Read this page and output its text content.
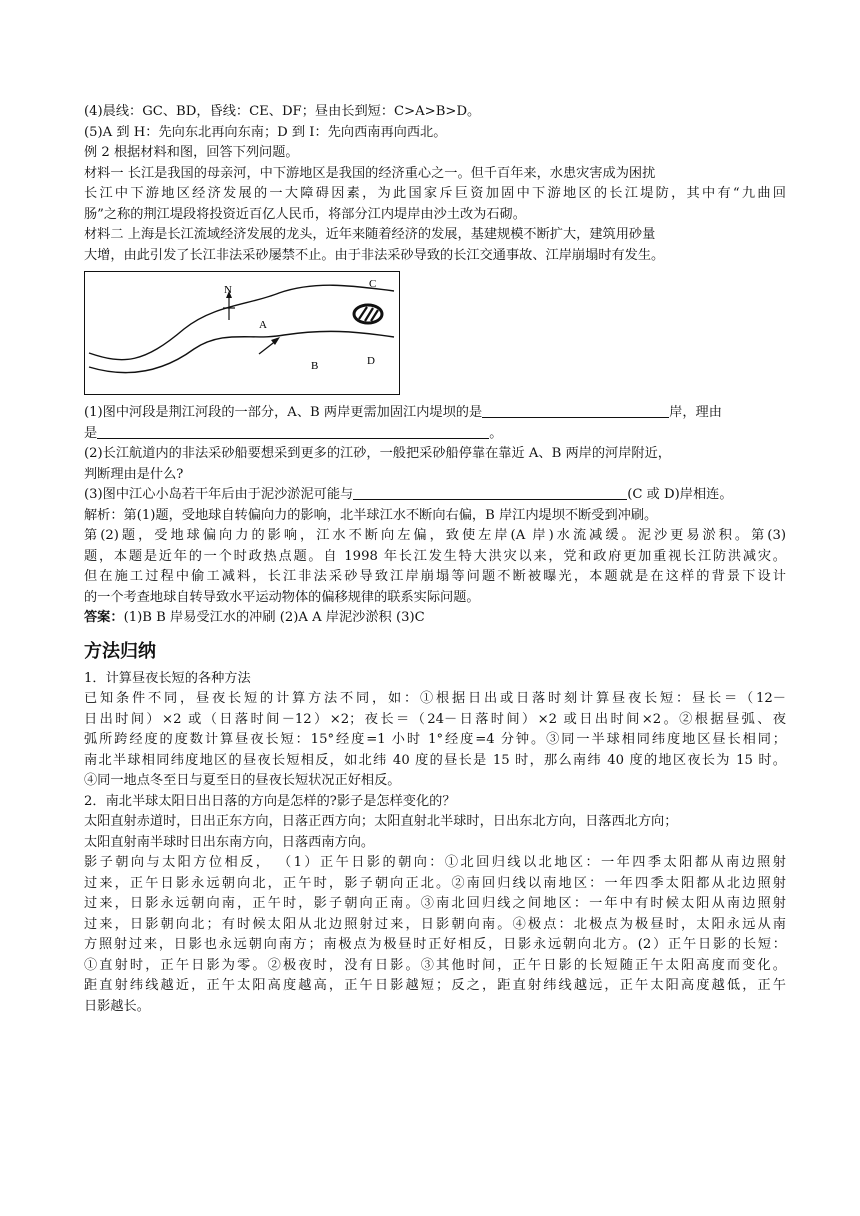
(4)晨线：GC、BD，昏线：CE、DF；昼由长到短：C>A>B>D。
(5)A 到 H：先向东北再向东南；D 到 I：先向西南再向西北。
例 2 根据材料和图，回答下列问题。
材料一 长江是我国的母亲河，中下游地区是我国的经济重心之一。但千百年来，水患灾害成为困扰
长江中下游地区经济发展的一大障碍因素，为此国家斥巨资加固中下游地区的长江堤防，其中有“九曲回
肠”之称的荆江堤段将投资近百亿人民币，将部分江内堤岸由沙土改为石砌。
材料二 上海是长江流域经济发展的龙头，近年来随着经济的发展，基建规模不断扩大，建筑用砂量
大增，由此引发了长江非法采砂屡禁不止。由于非法采砂导致的长江交通事故、江岸崩塌时有发生。
N	C
A
B	D
(1)图中河段是荆江河段的一部分，A、B 两岸更需加固江内堤坝的是	岸，理由
是	。
(2)长江航道内的非法采砂船要想采到更多的江砂，一般把采砂船停靠在靠近 A、B 两岸的河岸附近，
判断理由是什么?
(3)图中江心小岛若干年后由于泥沙淤泥可能与	(C 或 D)岸相连。
解析：第(1)题，受地球自转偏向力的影响，北半球江水不断向右偏，B 岸江内堤坝不断受到冲刷。
第(2)题，受地球偏向力的影响，江水不断向左偏，致使左岸(A 岸)水流减缓。泥沙更易淤积。第(3)
题，本题是近年的一个时政热点题。自 1998 年长江发生特大洪灾以来，党和政府更加重视长江防洪减灾。
但在施工过程中偷工减料，长江非法采砂导致江岸崩塌等问题不断被曝光，本题就是在这样的背景下设计
的一个考查地球自转导致水平运动物体的偏移规律的联系实际问题。
答案：(1)B B 岸易受江水的冲刷 (2)A A 岸泥沙淤积 (3)C
方法归纳
1．计算昼夜长短的各种方法
已知条件不同，昼夜长短的计算方法不同，如：①根据日出或日落时刻计算昼夜长短：昼长＝（12－
日出时间）×2 或（日落时间－12）×2；夜长＝（24－日落时间）×2 或日出时间×2。②根据昼弧、夜
弧所跨经度的度数计算昼夜长短：15°经度=1 小时 1°经度=4 分钟。③同一半球相同纬度地区昼长相同；
南北半球相同纬度地区的昼夜长短相反，如北纬 40 度的昼长是 15 时，那么南纬 40 度的地区夜长为 15 时。
④同一地点冬至日与夏至日的昼夜长短状况正好相反。
2．南北半球太阳日出日落的方向是怎样的?影子是怎样变化的？
太阳直射赤道时，日出正东方向，日落正西方向；太阳直射北半球时，日出东北方向，日落西北方向；
太阳直射南半球时日出东南方向，日落西南方向。
影子朝向与太阳方位相反， （1）正午日影的朝向：①北回归线以北地区：一年四季太阳都从南边照射
过来，正午日影永远朝向北，正午时，影子朝向正北。②南回归线以南地区：一年四季太阳都从北边照射
过来，日影永远朝向南，正午时，影子朝向正南。③南北回归线之间地区：一年中有时候太阳从南边照射
过来，日影朝向北；有时候太阳从北边照射过来，日影朝向南。④极点：北极点为极昼时，太阳永远从南
方照射过来，日影也永远朝向南方；南极点为极昼时正好相反，日影永远朝向北方。(2）正午日影的长短：
①直射时，正午日影为零。②极夜时，没有日影。③其他时间，正午日影的长短随正午太阳高度而变化。
距直射纬线越近，正午太阳高度越高，正午日影越短；反之，距直射纬线越远，正午太阳高度越低，正午
日影越长。
